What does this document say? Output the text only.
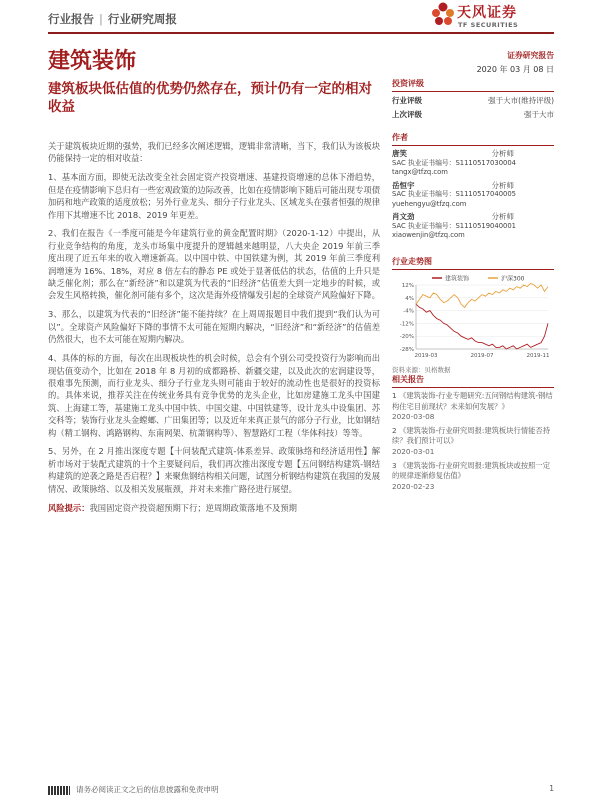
行业报告 | 行业研究周报	天风证券
TF SECURITIES
建筑装饰
建筑板块低估值的优势仍然存在，预计仍有一定的相对收益

关于建筑板块近期的强势，我们已经多次阐述逻辑，逻辑非常清晰，当下，我们认为该板块仍能保持一定的相对收益：

1、基本面方面，即使无法改变全社会固定资产投资增速、基建投资增速的总体下滑趋势，但是在疫情影响下总归有一些宏观政策的边际改善，比如在疫情影响下随后可能出现专项债加码和地产政策的适度放松；另外行业龙头、细分子行业龙头、区域龙头在强者恒强的规律作用下其增速不比 2018、2019 年更差。

2、我们在报告《一季度可能是今年建筑行业的黄金配置时期》（2020-1-12）中提出，从行业竞争结构的角度，龙头市场集中度提升的逻辑越来越明显，八大央企 2019 年前三季度出现了近五年来的收入增速新高。以中国中铁、中国铁建为例，其 2019 年前三季度利润增速为 16%、18%，对应 8 倍左右的静态 PE 或处于显著低估的状态，估值的上升只是缺乏催化剂；那么在“新经济”和以建筑为代表的“旧经济”估值差大到一定地步的时候，或会发生风格转换，催化剂可能有多个，这次是海外疫情爆发引起的全球资产风险偏好下降。

3、那么，以建筑为代表的“旧经济”能不能持续？在上周周报题目中我们提到“我们认为可以”。全球资产风险偏好下降的事情不太可能在短期内解决，“旧经济”和“新经济”的估值差仍然很大，也不太可能在短期内解决。

4、具体的标的方面，每次在出现板块性的机会时候，总会有个别公司受投资行为影响而出现估值变动个，比如在 2018 年 8 月初的成都路桥、新疆交建，以及此次的宏润建设等，很难事先预测，而行业龙头、细分子行业龙头则可能由于较好的流动性也是很好的投资标的。具体来说，推荐关注在传统业务具有竞争优势的龙头企业，比如房建施工龙头中国建筑、上海建工等，基建施工龙头中国中铁、中国交建、中国铁建等，设计龙头中设集团、苏交科等；装饰行业龙头金螳螂、广田集团等；以及近年来真正景气的部分子行业，比如钢结构（精工钢构、鸿路钢构、东南网架、杭萧钢构等）、智慧路灯工程（华体科技）等等。

5、另外，在 2 月推出深度专题【十问装配式建筑-体系差异、政策脉络和经济适用性】解析市场对于装配式建筑的十个主要疑问后，我们再次推出深度专题【五问钢结构建筑-钢结构建筑的逆袭之路是否启程？】来聚焦钢结构相关问题，试图分析钢结构建筑在我国的发展情况、政策脉络、以及相关发展瓶颈，并对未来推广路径进行展望。

风险提示：我国固定资产投资超预期下行；逆周期政策落地不及预期

证券研究报告
2020 年 03 月 08 日
投资评级
行业评级	强于大市(维持评级)
上次评级	强于大市
作者
唐笑	分析师
SAC 执业证书编号：S1110517030004
tangx@tfzq.com
岳恒宇	分析师
SAC 执业证书编号：S1110517040005
yuehengyu@tfzq.com
肖文劲	分析师
SAC 执业证书编号：S1110519040001
xiaowenjin@tfzq.com
行业走势图
建筑装饰	沪深300
12%
4%
-4%
-12%
-20%
-28%
2019-03	2019-07	2019-11
资料来源：贝格数据
相关报告
1 《建筑装饰-行业专题研究:五问钢结构建筑-钢结构住宅目前现状？未来如何发展？》
2020-03-08
2 《建筑装饰-行业研究周报:建筑板块行情能否持续？我们预计可以》
2020-03-01
3 《建筑装饰-行业研究周报:建筑板块或按照一定的规律逐渐修复估值》
2020-02-23
请务必阅读正文之后的信息披露和免责申明	1
